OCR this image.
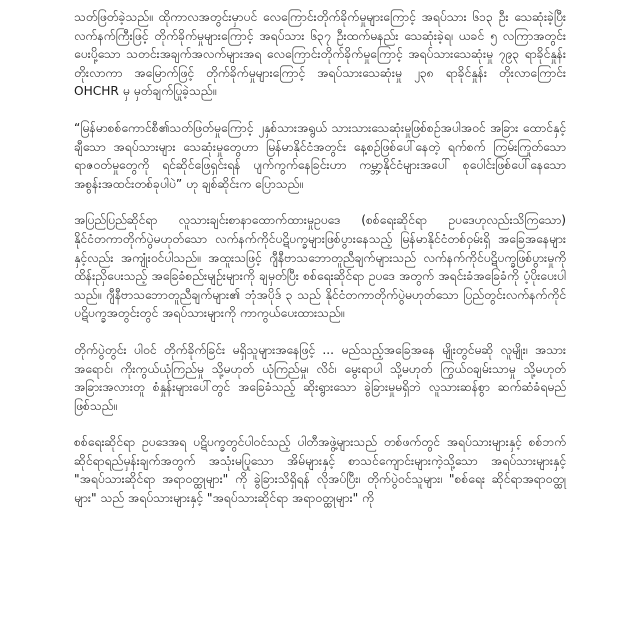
သတ်ဖြတ်ခဲ့သည်။ ထိုကာလအတွင်းမှာပင် လေကြောင်းတိုက်ခိုက်မှုများကြောင့် အရပ်သား ၆၁၃ ဦး သေဆုံးခဲ့ပြီး လက်နက်ကြီးဖြင့် တိုက်ခိုက်မှုများကြောင့် အရပ်သား ၆၃၇ ဦးထက်မနည်း သေဆုံးခဲ့ရ၊ ယခင် ၅ လကြာအတွင်း ပေးပို့သော သတင်းအချက်အလက်များအရ လေကြောင်းတိုက်ခိုက်မှုကြောင့် အရပ်သားသေဆုံးမှု ၇၉၃ ရာခိုင်နှုန်း တိုးလာကာ အမြောက်ဖြင့် တိုက်ခိုက်မှုများကြောင့် အရပ်သားသေဆုံးမှု ၂၃၈ ရာခိုင်နှုန်း တိုးလာကြောင်း OHCHR မှ မှတ်ချက်ပြုခဲ့သည်။

“မြန်မာစစ်ကောင်စီ၏သတ်ဖြတ်မှုကြောင့် ၂နှစ်သားအရွယ် သားသားသေဆုံးမှုဖြစ်စဉ်အပါအဝင် အခြား ထောင်နှင့်ချီသော အရပ်သားများ သေဆုံးမှုတွေဟာ မြန်မာနိုင်ငံအတွင်း နေ့စဉ်ဖြစ်ပေါ်နေတဲ့ ရက်စက် ကြမ်းကြုတ်သော ရာဇဝတ်မှုတွေကို ရင်ဆိုင်ဖြေရှင်းရန် ပျက်ကွက်နေခြင်းဟာ ကမ္ဘာ့နိုင်ငံများအပေါ် စုပေါင်းဖြစ်ပေါ်နေသော အစွန်းအထင်းတစ်ခုပါပဲ” ဟု ချစ်ဆိုင်းက ပြောသည်။

အပြည်ပြည်ဆိုင်ရာ လူသားချင်းစာနာထောက်ထားမှုဥပဒေ (စစ်ရေးဆိုင်ရာ ဥပဒေဟုလည်းသိကြသော) နိုင်ငံတကာတိုက်ပွဲမဟုတ်သော လက်နက်ကိုင်ပဋိပက္ခများဖြစ်ပွားနေသည့် မြန်မာနိုင်ငံတစ်ဝှမ်းရှိ အခြေအနေများနှင့်လည်း အကျုံးဝင်ပါသည်။ အထူးသဖြင့် ဂျီနီဗာသဘောတူညီချက်များသည် လက်နက်ကိုင်ပဋိပက္ခဖြစ်ပွားမှုကို ထိန်းညှိပေးသည့် အခြေခံစည်းမျဉ်းများကို ချမှတ်ပြီး စစ်ရေးဆိုင်ရာ ဥပဒေ အတွက် အရင်းခံအခြေခံကို ပံ့ပိုးပေးပါ သည်။ ဂျီနီဗာသဘောတူညီချက်များ၏ ဘုံအပိုဒ် ၃ သည် နိုင်ငံတကာတိုက်ပွဲမဟုတ်သော ပြည်တွင်းလက်နက်ကိုင်ပဋိပက္ခအတွင်းတွင် အရပ်သားများကို ကာကွယ်ပေးထားသည်။

တိုက်ပွဲတွင်း ပါဝင် တိုက်ခိုက်ခြင်း မရှိသူများအနေဖြင့် ... မည်သည့်အခြေအနေ မျိုးတွင်မဆို လူမျိုး၊ အသားအရောင်၊ ကိုးကွယ်ယုံကြည်မှု သို့မဟုတ် ယုံကြည်မှု၊ လိင်၊ မွေးရာပါ သို့မဟုတ် ကြွယ်ဝချမ်းသာမှု သို့မဟုတ် အခြားအလားတူ စံနှုန်းများပေါ်တွင် အခြေခံသည့် ဆိုးရွားသော ခွဲခြားမှုမရှိဘဲ လူသားဆန်စွာ ဆက်ဆံခံရမည်ဖြစ်သည်။

စစ်ရေးဆိုင်ရာ ဥပဒေအရ ပဋိပက္ခတွင်ပါဝင်သည့် ပါတီအဖွဲ့များသည် တစ်ဖက်တွင် အရပ်သားများနှင့် စစ်ဘက်ဆိုင်ရာရည်မှန်းချက်အတွက် အသုံးမပြုသော အိမ်များနှင့် စာသင်ကျောင်းများကဲ့သို့သော အရပ်သားများနှင့် "အရပ်သားဆိုင်ရာ အရာဝတ္ထုများ" ကို ခွဲခြားသိရှိရန် လိုအပ်ပြီး၊ တိုက်ပွဲဝင်သူများ၊ "စစ်ရေး ဆိုင်ရာအရာဝတ္ထုများ" သည် အရပ်သားများနှင့် "အရပ်သားဆိုင်ရာ အရာဝတ္ထုများ" ကို
